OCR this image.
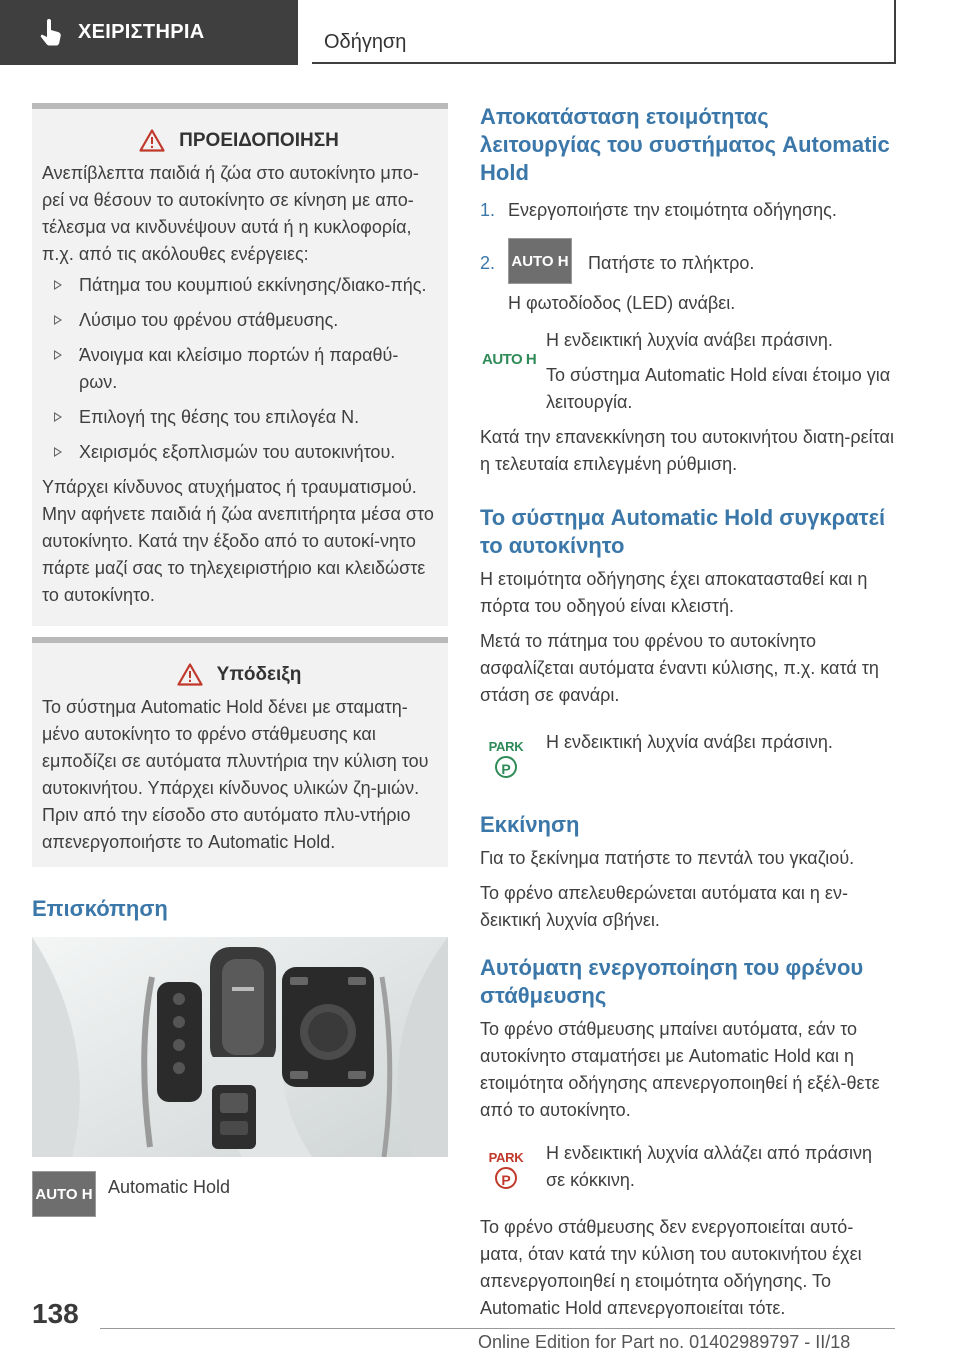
ΧΕΙΡΙΣΤΗΡΙΑ	Οδήγηση
ΠΡΟΕΙΔΟΠΟΙΗΣΗ

Ανεπίβλεπτα παιδιά ή ζώα στο αυτοκίνητο μπο-ρεί να θέσουν το αυτοκίνητο σε κίνηση με απο-τέλεσμα να κινδυνέψουν αυτά ή η κυκλοφορία, π.χ. από τις ακόλουθες ενέργειες:

Πάτημα του κουμπιού εκκίνησης/διακο-πής.
Λύσιμο του φρένου στάθμευσης.
Άνοιγμα και κλείσιμο πορτών ή παραθύ-ρων.
Επιλογή της θέσης του επιλογέα N.
Χειρισμός εξοπλισμών του αυτοκινήτου.

Υπάρχει κίνδυνος ατυχήματος ή τραυματισμού. Μην αφήνετε παιδιά ή ζώα ανεπιτήρητα μέσα στο αυτοκίνητο. Κατά την έξοδο από το αυτοκί-νητο πάρτε μαζί σας το τηλεχειριστήριο και κλειδώστε το αυτοκίνητο.

Υπόδειξη

Το σύστημα Automatic Hold δένει με σταματη-μένο αυτοκίνητο το φρένο στάθμευσης και εμποδίζει σε αυτόματα πλυντήρια την κύλιση του αυτοκινήτου. Υπάρχει κίνδυνος υλικών ζη-μιών. Πριν από την είσοδο στο αυτόματο πλυ-ντήριο απενεργοποιήστε το Automatic Hold.

Επισκόπηση
AUTO H Automatic Hold
Αποκατάσταση ετοιμότητας λειτουργίας του συστήματος Automatic Hold
1. Ενεργοποιήστε την ετοιμότητα οδήγησης.
2.	AUTO H Πατήστε το πλήκτρο.

Η φωτοδίοδος (LED) ανάβει.

AUTO H

Η ενδεικτική λυχνία ανάβει πράσινη.

Το σύστημα Automatic Hold είναι έτοιμο για λειτουργία.

Κατά την επανεκκίνηση του αυτοκινήτου διατη-ρείται η τελευταία επιλεγμένη ρύθμιση.

Το σύστημα Automatic Hold συγκρατεί το αυτοκίνητο

Η ετοιμότητα οδήγησης έχει αποκατασταθεί και η πόρτα του οδηγού είναι κλειστή.

Μετά το πάτημα του φρένου το αυτοκίνητο ασφαλίζεται αυτόματα έναντι κύλισης, π.χ. κατά τη στάση σε φανάρι.

PARK
P

Η ενδεικτική λυχνία ανάβει πράσινη.

Εκκίνηση

Για το ξεκίνημα πατήστε το πεντάλ του γκαζιού.

Το φρένο απελευθερώνεται αυτόματα και η εν-δεικτική λυχνία σβήνει.

Αυτόματη ενεργοποίηση του φρένου στάθμευσης

Το φρένο στάθμευσης μπαίνει αυτόματα, εάν το αυτοκίνητο σταματήσει με Automatic Hold και η ετοιμότητα οδήγησης απενεργοποιηθεί ή εξέλ-θετε από το αυτοκίνητο.

PARK
P

Η ενδεικτική λυχνία αλλάζει από πράσινη σε κόκκινη.

Το φρένο στάθμευσης δεν ενεργοποιείται αυτό-ματα, όταν κατά την κύλιση του αυτοκινήτου έχει απενεργοποιηθεί η ετοιμότητα οδήγησης. Το Automatic Hold απενεργοποιείται τότε.

138
Online Edition for Part no. 01402989797 - II/18
